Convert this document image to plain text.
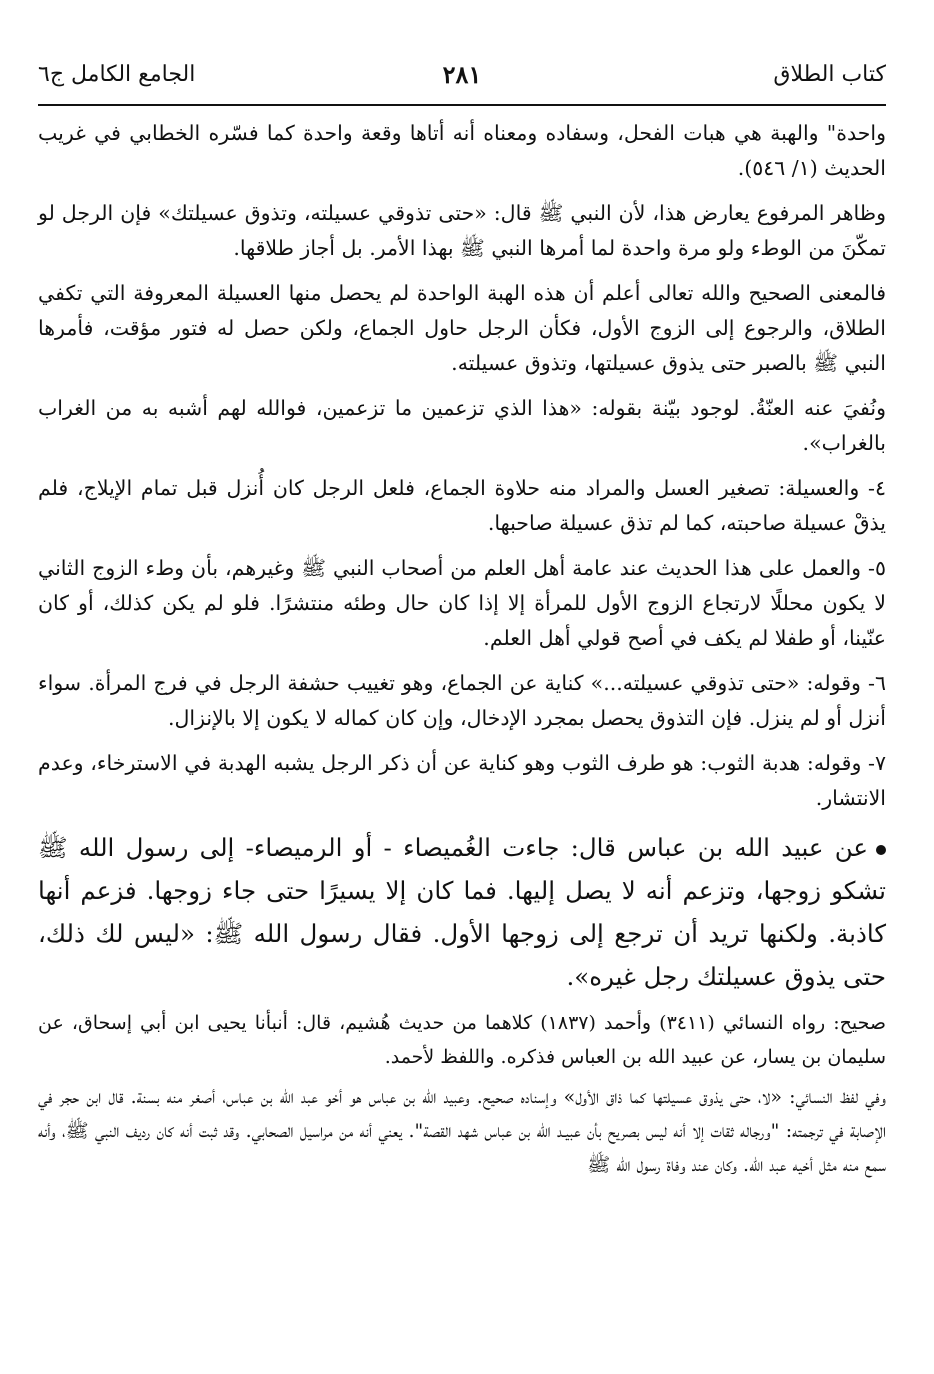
كتاب الطلاق
٢٨١
الجامع الكامل ج٦

واحدة" والهبة هي هبات الفحل، وسفاده ومعناه أنه أتاها وقعة واحدة كما فسّره الخطابي في غريب الحديث (١/ ٥٤٦).

وظاهر المرفوع يعارض هذا، لأن النبي ﷺ قال: «حتى تذوقي عسيلته، وتذوق عسيلتك» فإن الرجل لو تمكّنَ من الوطء ولو مرة واحدة لما أمرها النبي ﷺ بهذا الأمر. بل أجاز طلاقها.

فالمعنى الصحيح والله تعالى أعلم أن هذه الهبة الواحدة لم يحصل منها العسيلة المعروفة التي تكفي الطلاق، والرجوع إلى الزوج الأول، فكأن الرجل حاول الجماع، ولكن حصل له فتور مؤقت، فأمرها النبي ﷺ بالصبر حتى يذوق عسيلتها، وتذوق عسيلته.

ونُفيَ عنه العنّةُ. لوجود بيّنة بقوله: «هذا الذي تزعمين ما تزعمين، فوالله لهم أشبه به من الغراب بالغراب».

٤- والعسيلة: تصغير العسل والمراد منه حلاوة الجماع، فلعل الرجل كان أُنزل قبل تمام الإيلاج، فلم يذقْ عسيلة صاحبته، كما لم تذق عسيلة صاحبها.

٥- والعمل على هذا الحديث عند عامة أهل العلم من أصحاب النبي ﷺ وغيرهم، بأن وطء الزوج الثاني لا يكون محللًا لارتجاع الزوج الأول للمرأة إلا إذا كان حال وطئه منتشرًا. فلو لم يكن كذلك، أو كان عنّينا، أو طفلا لم يكف في أصح قولي أهل العلم.

٦- وقوله: «حتى تذوقي عسيلته...» كناية عن الجماع، وهو تغييب حشفة الرجل في فرج المرأة. سواء أنزل أو لم ينزل. فإن التذوق يحصل بمجرد الإدخال، وإن كان كماله لا يكون إلا بالإنزال.

٧- وقوله: هدبة الثوب: هو طرف الثوب وهو كناية عن أن ذكر الرجل يشبه الهدبة في الاسترخاء، وعدم الانتشار.

عن عبيد الله بن عباس قال: جاءت الغُميصاء - أو الرميصاء- إلى رسول الله ﷺ تشكو زوجها، وتزعم أنه لا يصل إليها. فما كان إلا يسيرًا حتى جاء زوجها. فزعم أنها كاذبة. ولكنها تريد أن ترجع إلى زوجها الأول. فقال رسول الله ﷺ: «ليس لك ذلك، حتى يذوق عسيلتك رجل غيره».

صحيح: رواه النسائي (٣٤١١) وأحمد (١٨٣٧) كلاهما من حديث هُشيم، قال: أنبأنا يحيى ابن أبي إسحاق، عن سليمان بن يسار، عن عبيد الله بن العباس فذكره. واللفظ لأحمد.

وفي لفظ النسائي: «لا، حتى يذوق عسيلتها كما ذاق الأول» وإسناده صحيح. وعبيد الله بن عباس هو أخو عبد الله بن عباس، أصغر منه بسنة. قال ابن حجر في الإصابة في ترجمته: "ورجاله ثقات إلا أنه ليس بصريح بأن عبيـد الله بن عباس شهد القصة". يعني أنه من مراسيل الصحابي. وقد ثبت أنه كان رديف النبي ﷺ، وأنه سمع منه مثل أخيه عبد الله. وكان عند وفاة رسول الله ﷺ
